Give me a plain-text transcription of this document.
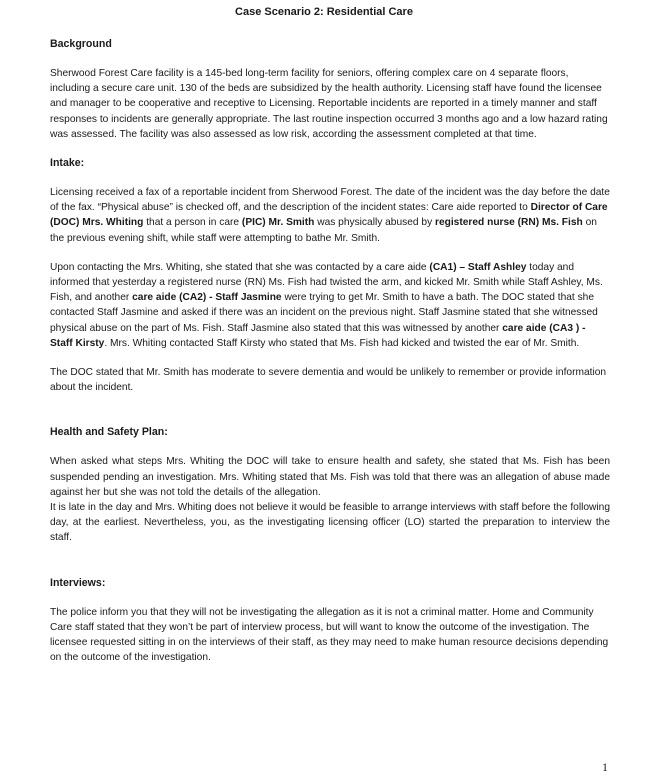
Case Scenario 2: Residential Care
Background

Sherwood Forest Care facility is a 145-bed long-term facility for seniors, offering complex care on 4 separate floors, including a secure care unit. 130 of the beds are subsidized by the health authority. Licensing staff have found the licensee and manager to be cooperative and receptive to Licensing. Reportable incidents are reported in a timely manner and staff responses to incidents are generally appropriate. The last routine inspection occurred 3 months ago and a low hazard rating was assessed. The facility was also assessed as low risk, according the assessment completed at that time.

Intake:

Licensing received a fax of a reportable incident from Sherwood Forest. The date of the incident was the day before the date of the fax. “Physical abuse” is checked off, and the description of the incident states: Care aide reported to Director of Care (DOC) Mrs. Whiting that a person in care (PIC) Mr. Smith was physically abused by registered nurse (RN) Ms. Fish on the previous evening shift, while staff were attempting to bathe Mr. Smith.

Upon contacting the Mrs. Whiting, she stated that she was contacted by a care aide (CA1) – Staff Ashley today and informed that yesterday a registered nurse (RN) Ms. Fish had twisted the arm, and kicked Mr. Smith while Staff Ashley, Ms. Fish, and another care aide (CA2) - Staff Jasmine were trying to get Mr. Smith to have a bath. The DOC stated that she contacted Staff Jasmine and asked if there was an incident on the previous night. Staff Jasmine stated that she witnessed physical abuse on the part of Ms. Fish. Staff Jasmine also stated that this was witnessed by another care aide (CA3 ) - Staff Kirsty. Mrs. Whiting contacted Staff Kirsty who stated that Ms. Fish had kicked and twisted the ear of Mr. Smith.

The DOC stated that Mr. Smith has moderate to severe dementia and would be unlikely to remember or provide information about the incident.

Health and Safety Plan:

When asked what steps Mrs. Whiting the DOC will take to ensure health and safety, she stated that Ms. Fish has been suspended pending an investigation. Mrs. Whiting stated that Ms. Fish was told that there was an allegation of abuse made against her but she was not told the details of the allegation.
It is late in the day and Mrs. Whiting does not believe it would be feasible to arrange interviews with staff before the following day, at the earliest. Nevertheless, you, as the investigating licensing officer (LO) started the preparation to interview the staff.

Interviews:

The police inform you that they will not be investigating the allegation as it is not a criminal matter. Home and Community Care staff stated that they won’t be part of interview process, but will want to know the outcome of the investigation. The licensee requested sitting in on the interviews of their staff, as they may need to make human resource decisions depending on the outcome of the investigation.

1
